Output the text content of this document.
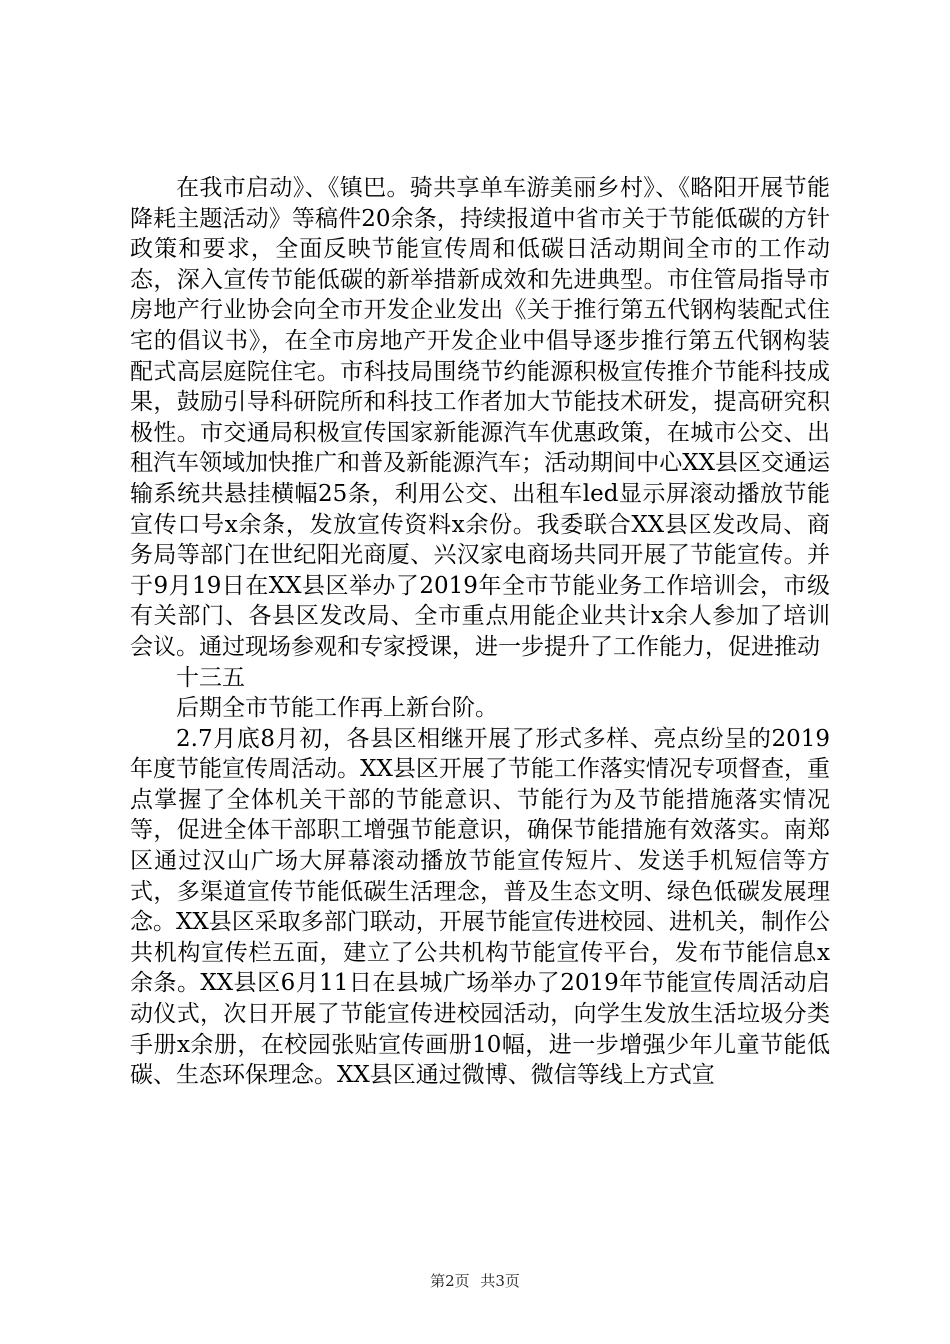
在我市启动》、《镇巴。骑共享单车游美丽乡村》、《略阳开展节能降耗主题活动》等稿件20余条，持续报道中省市关于节能低碳的方针政策和要求，全面反映节能宣传周和低碳日活动期间全市的工作动态，深入宣传节能低碳的新举措新成效和先进典型。市住管局指导市房地产行业协会向全市开发企业发出《关于推行第五代钢构装配式住宅的倡议书》，在全市房地产开发企业中倡导逐步推行第五代钢构装配式高层庭院住宅。市科技局围绕节约能源积极宣传推介节能科技成果，鼓励引导科研院所和科技工作者加大节能技术研发，提高研究积极性。市交通局积极宣传国家新能源汽车优惠政策，在城市公交、出租汽车领域加快推广和普及新能源汽车；活动期间中心XX县区交通运输系统共悬挂横幅25条，利用公交、出租车led显示屏滚动播放节能宣传口号x余条，发放宣传资料x余份。我委联合XX县区发改局、商务局等部门在世纪阳光商厦、兴汉家电商场共同开展了节能宣传。并于9月19日在XX县区举办了2019年全市节能业务工作培训会，市级有关部门、各县区发改局、全市重点用能企业共计x余人参加了培训会议。通过现场参观和专家授课，进一步提升了工作能力，促进推动

十三五

后期全市节能工作再上新台阶。

2.7月底8月初，各县区相继开展了形式多样、亮点纷呈的2019年度节能宣传周活动。XX县区开展了节能工作落实情况专项督查，重点掌握了全体机关干部的节能意识、节能行为及节能措施落实情况等，促进全体干部职工增强节能意识，确保节能措施有效落实。南郑区通过汉山广场大屏幕滚动播放节能宣传短片、发送手机短信等方式，多渠道宣传节能低碳生活理念，普及生态文明、绿色低碳发展理念。XX县区采取多部门联动，开展节能宣传进校园、进机关，制作公共机构宣传栏五面，建立了公共机构节能宣传平台，发布节能信息x余条。XX县区6月11日在县城广场举办了2019年节能宣传周活动启动仪式，次日开展了节能宣传进校园活动，向学生发放生活垃圾分类手册x余册，在校园张贴宣传画册10幅，进一步增强少年儿童节能低碳、生态环保理念。XX县区通过微博、微信等线上方式宣

第2页 共3页
